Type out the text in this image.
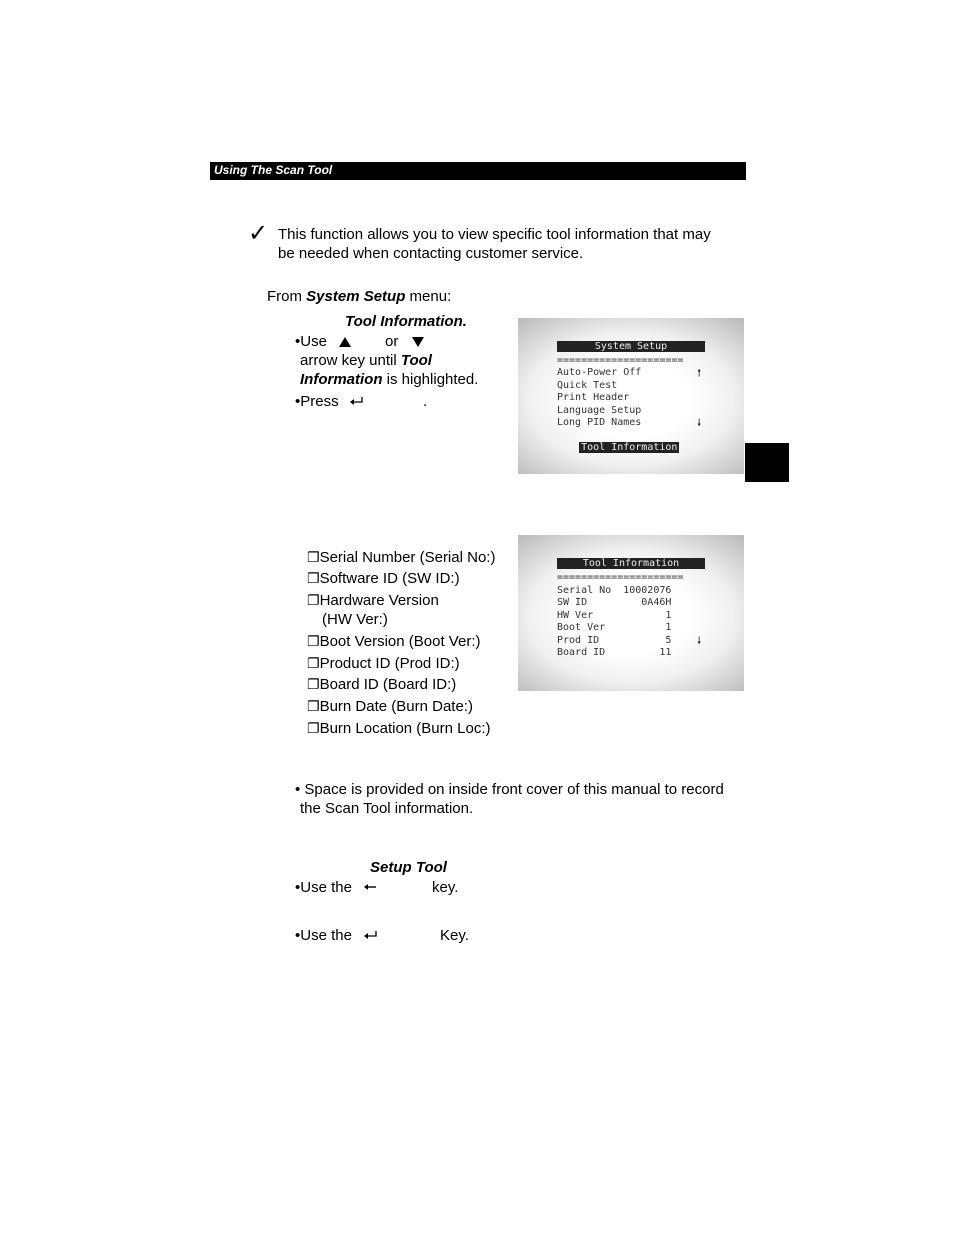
Using The Scan Tool
✓ This function allows you to view specific tool information that may
be needed when contacting customer service.
From System Setup menu:
Tool Information.
•Use	or
arrow key until Tool
Information is highlighted.
•Press	.
System Setup
=====================
Auto-Power Off
Quick Test
Print Header
Language Setup
Long PID Names

Tool Information

🠕
🠗
❐Serial Number (Serial No:)
❐Software ID (SW ID:)
❐Hardware Version
(HW Ver:)
❐Boot Version (Boot Ver:)
❐Product ID (Prod ID:)
❐Board ID (Board ID:)
❐Burn Date (Burn Date:)
❐Burn Location (Burn Loc:)
Tool Information
=====================
Serial No  10002076
SW ID         0A46H
HW Ver            1
Boot Ver          1
Prod ID           5
Board ID         11
🠗
• Space is provided on inside front cover of this manual to record
the Scan Tool information.
Setup Tool
•Use the	key.
•Use the	Key.
